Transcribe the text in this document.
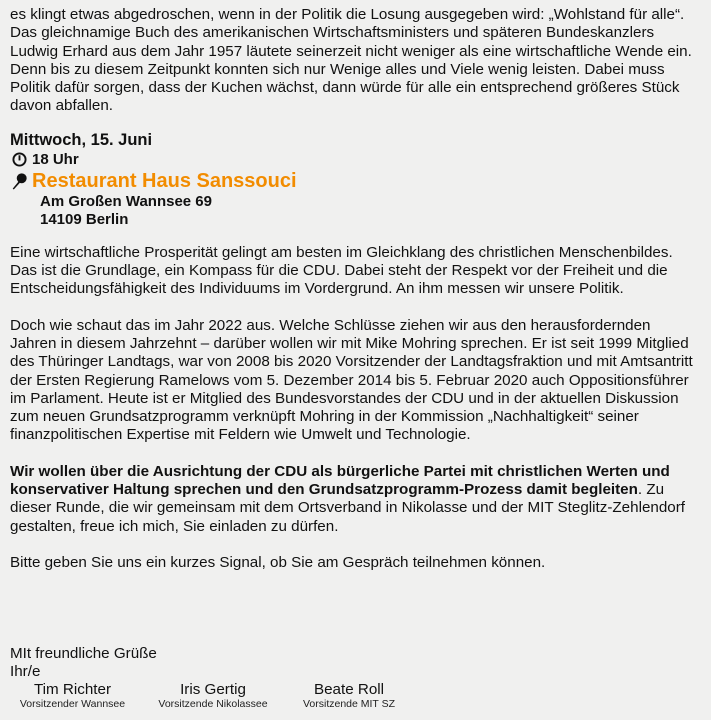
es klingt etwas abgedroschen, wenn in der Politik die Losung ausgegeben wird: „Wohlstand für alle“. Das gleichnamige Buch des amerikanischen Wirtschaftsministers und späteren Bundeskanzlers Ludwig Erhard aus dem Jahr 1957 läutete seinerzeit nicht weniger als eine wirtschaftliche Wende ein. Denn bis zu diesem Zeitpunkt konnten sich nur Wenige alles und Viele wenig leisten. Dabei muss Politik dafür sorgen, dass der Kuchen wächst, dann würde für alle ein entsprechend größeres Stück davon abfallen.

Mittwoch, 15. Juni
18 Uhr
Restaurant Haus Sanssouci
Am Großen Wannsee 69
14109 Berlin

Eine wirtschaftliche Prosperität gelingt am besten im Gleichklang des christlichen Menschenbildes. Das ist die Grundlage, ein Kompass für die CDU. Dabei steht der Respekt vor der Freiheit und die Entscheidungsfähigkeit des Individuums im Vordergrund. An ihm messen wir unsere Politik.

Doch wie schaut das im Jahr 2022 aus. Welche Schlüsse ziehen wir aus den herausfordernden Jahren in diesem Jahrzehnt – darüber wollen wir mit Mike Mohring sprechen. Er ist seit 1999 Mitglied des Thüringer Landtags, war von 2008 bis 2020 Vorsitzender der Landtagsfraktion und mit Amtsantritt der Ersten Regierung Ramelows vom 5. Dezember 2014 bis 5. Februar 2020 auch Oppositionsführer im Parlament. Heute ist er Mitglied des Bundesvorstandes der CDU und in der aktuellen Diskussion zum neuen Grundsatzprogramm verknüpft Mohring in der Kommission „Nachhaltigkeit“ seiner finanzpolitischen Expertise mit Feldern wie Umwelt und Technologie.

Wir wollen über die Ausrichtung der CDU als bürgerliche Partei mit christlichen Werten und konservativer Haltung sprechen und den Grundsatzprogramm-Prozess damit begleiten. Zu dieser Runde, die wir gemeinsam mit dem Ortsverband in Nikolasse und der MIT Steglitz-Zehlendorf gestalten, freue ich mich, Sie einladen zu dürfen.

Bitte geben Sie uns ein kurzes Signal, ob Sie am Gespräch teilnehmen können.

MIt freundliche Grüße
Ihr/e
Tim Richter
Vorsitzender Wannsee
Iris Gertig
Vorsitzende Nikolassee
Beate Roll
Vorsitzende MIT SZ
